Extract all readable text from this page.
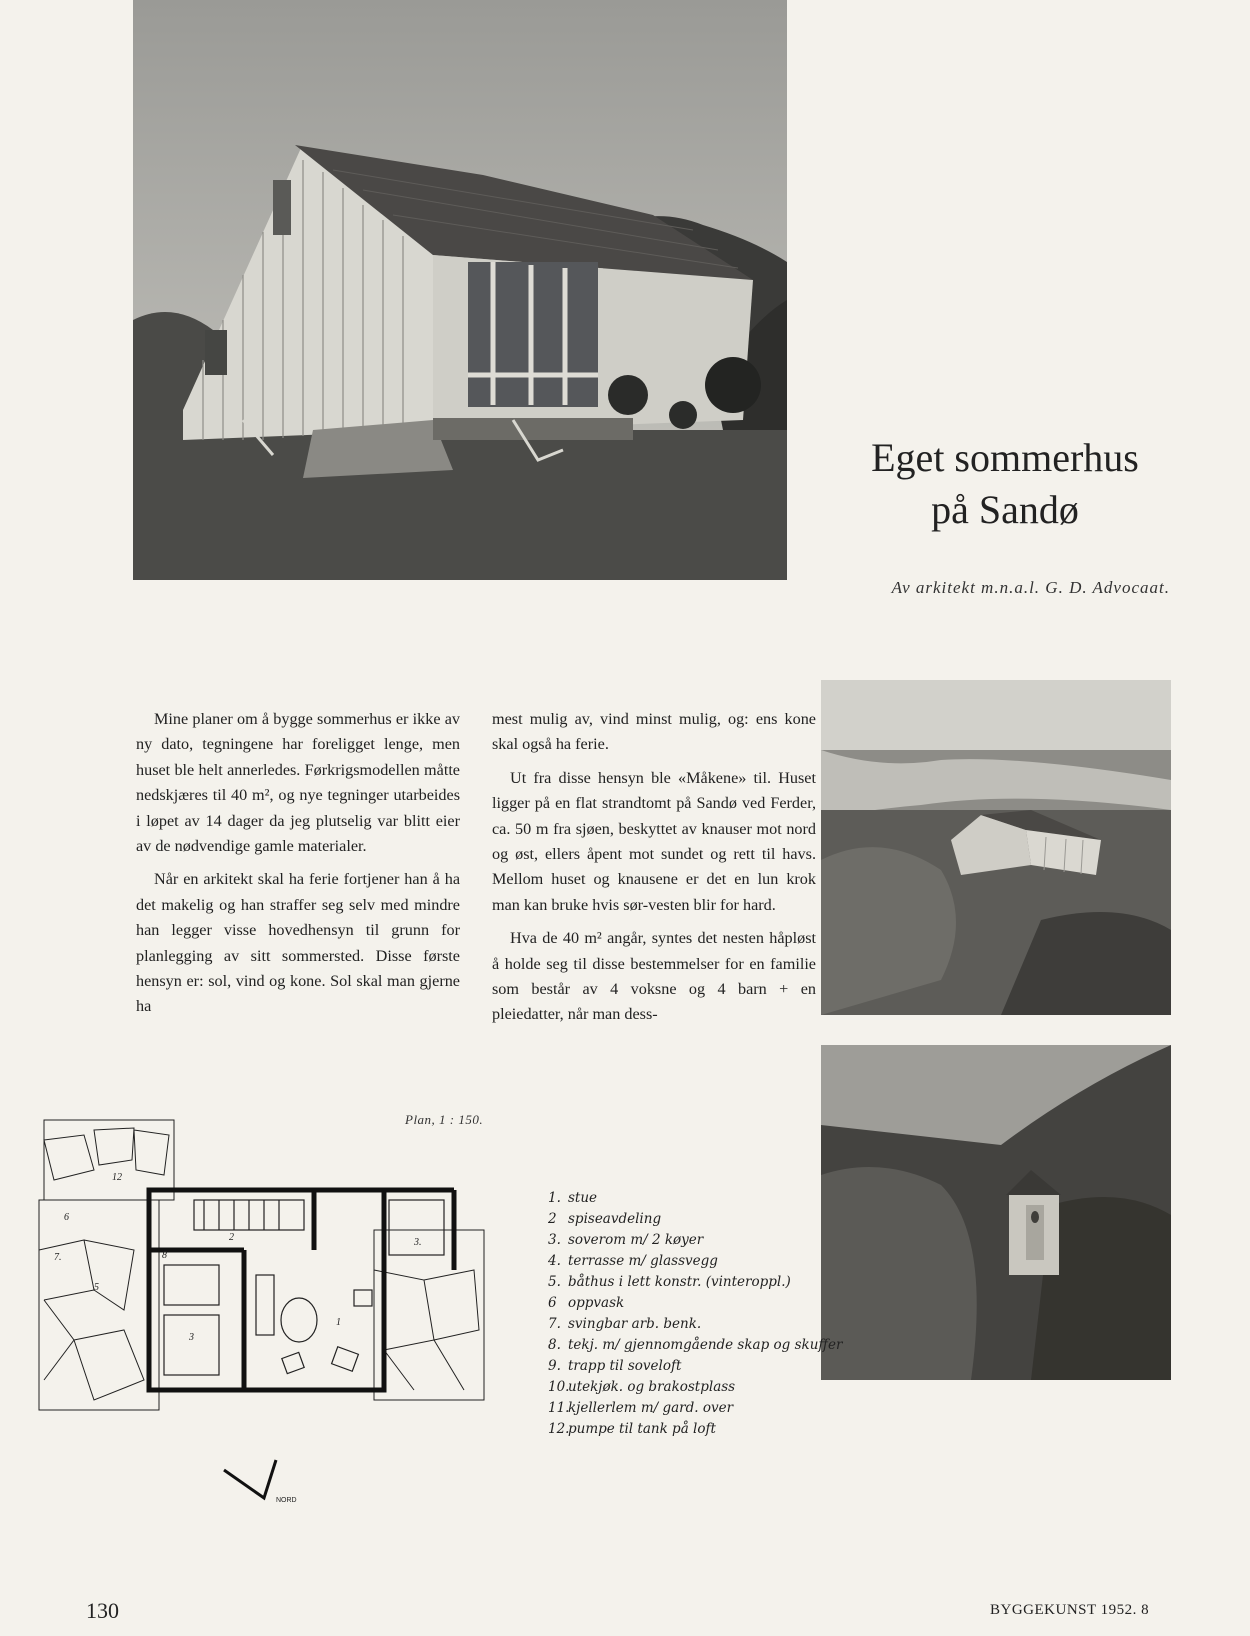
Eget sommerhus
på Sandø
Av arkitekt m.n.a.l. G. D. Advocaat.

Mine planer om å bygge sommerhus er ikke av ny dato, tegningene har foreligget lenge, men huset ble helt annerledes. Førkrigsmodellen måtte nedskjæres til 40 m², og nye tegninger utarbeides i løpet av 14 dager da jeg plutselig var blitt eier av de nødvendige gamle materialer.

Når en arkitekt skal ha ferie fortjener han å ha det makelig og han straffer seg selv med mindre han legger visse hovedhensyn til grunn for planlegging av sitt sommersted. Disse første hensyn er: sol, vind og kone. Sol skal man gjerne ha

mest mulig av, vind minst mulig, og: ens kone skal også ha ferie.

Ut fra disse hensyn ble «Måkene» til. Huset ligger på en flat strandtomt på Sandø ved Ferder, ca. 50 m fra sjøen, beskyttet av knauser mot nord og øst, ellers åpent mot sundet og rett til havs. Mellom huset og knausene er det en lun krok man kan bruke hvis sør-vesten blir for hard.

Hva de 40 m² angår, syntes det nesten håpløst å holde seg til disse bestemmelser for en familie som består av 4 voksne og 4 barn + en pleiedatter, når man dess-

Plan, 1 : 150.
1
2
3
3.
5
6
7.	8
12
NORD
1. stue
2 spiseavdeling
3. soverom m/ 2 køyer
4. terrasse m/ glassvegg
5. båthus i lett konstr. (vinteroppl.)
6 oppvask
7. svingbar arb. benk.
8. tekj. m/ gjennomgående skap og skuffer
9. trapp til soveloft
10.utekjøk. og brakostplass
11.kjellerlem m/ gard. over
12.pumpe til tank på loft
130	BYGGEKUNST 1952. 8
